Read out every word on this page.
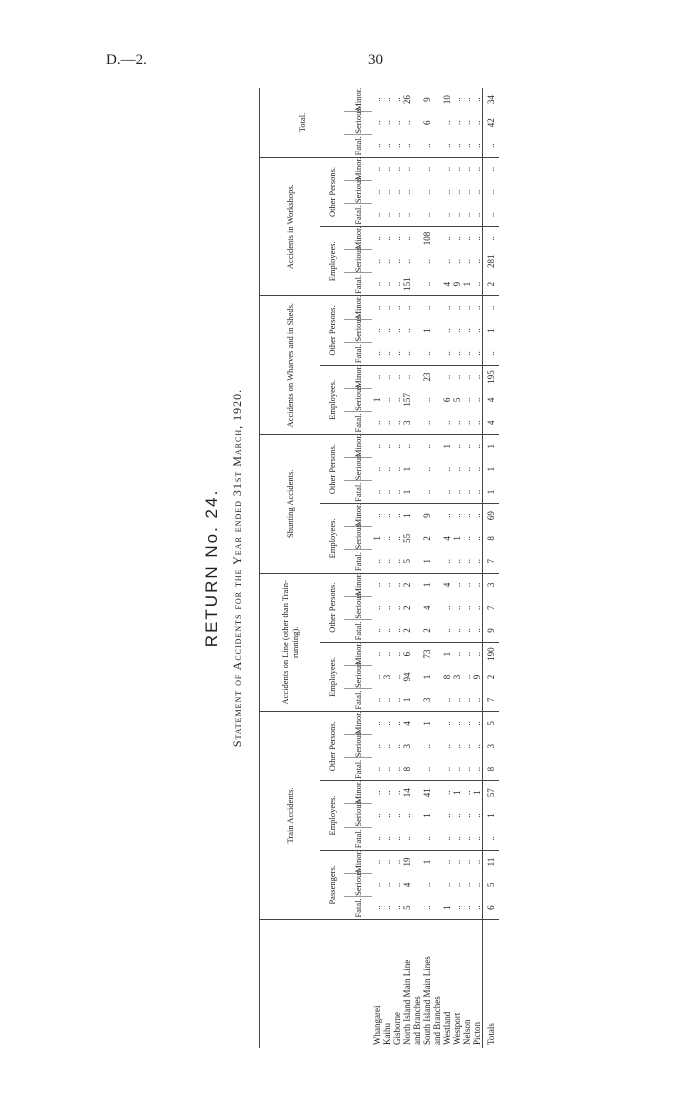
D.—2.	30
RETURN No. 24. Statement of Accidents for the Year ended 31st March, 1920.

	Train Accidents.									Accidents on Line (other than Train-running).						Shunting Accidents.						Accidents on Wharves and in Sheds.						Accidents in Workshops.						Total.		
	Passengers.			Employees.			Other Persons.			Employees.			Other Persons.			Employees.			Other Persons.			Employees.			Other Persons.			Employees.			Other Persons.					
	Fatal.	Serious.	Minor.	Fatal.	Serious.	Minor.	Fatal.	Serious.	Minor.	Fatal.	Serious.	Minor.	Fatal.	Serious.	Minor.	Fatal.	Serious.	Minor.	Fatal.	Serious.	Minor.	Fatal.	Serious.	Minor.	Fatal.	Serious.	Minor.	Fatal.	Serious.	Minor.	Fatal.	Serious.	Minor.	Fatal.	Serious.	Minor.
Whangarei	..	..	..	..	..	..	..	..	..	..	..	..	..	..	..	..	1	..	..	..	..	..	1	..	..	..	..	..	..	..	..	..	..	..	..	..
Kaihu	..	..	..	..	..	..	..	..	..	..	3	..	..	..	..	..	..	..	..	..	..	..	..	..	..	..	..	..	..	..	..	..	..	..	..	..
Gisborne	..	..	..	..	..	..	..	..	..	..	..	..	..	..	..	..	..	..	..	..	..	..	..	..	..	..	..	..	..	..	..	..	..	..	..	..
North Island Main Line	5	4	19	..	..	14	8	3	4	1	94	6	2	2	2	5	55	1	1	1	..	3	157	..	..	..	..	151	..	..	..	..	..	..	..	26
and Branches																																				
South Island Main Lines	..	..	1	..	1	41	..	..	1	3	1	73	2	4	1	1	2	9	..	..	..	..	..	23	..	1	..	..	..	108	..	..	..	..	6	9
and Branches																																				
Westland	1	..	..	..	..	..	..	..	..	..	8	1	..	..	4	..	4	..	..	..	1	..	6	..	..	..	..	4	..	..	..	..	..	..	..	10
Westport	..	..	..	..	..	1	..	..	..	..	3	..	..	..	..	..	1	..	..	..	..	..	5	..	..	..	..	9	..	..	..	..	..	..	..	..
Nelson	..	..	..	..	..	..	..	..	..	..	..	..	..	..	..	..	..	..	..	..	..	..	..	..	..	..	..	1	..	..	..	..	..	..	..	..
Picton	..	..	..	..	..	1	..	..	..	..	9	..	..	..	..	..	..	..	..	..	..	..	..	..	..	..	..	..	..	..	..	..	..	..	..	..
Totals	6	5	11	..	1	57	8	3	5	7	2	190	9	7	3	7	8	69	1	1	1	4	4	195	..	1	..	2	281	..	..	..	..	..	42	34
